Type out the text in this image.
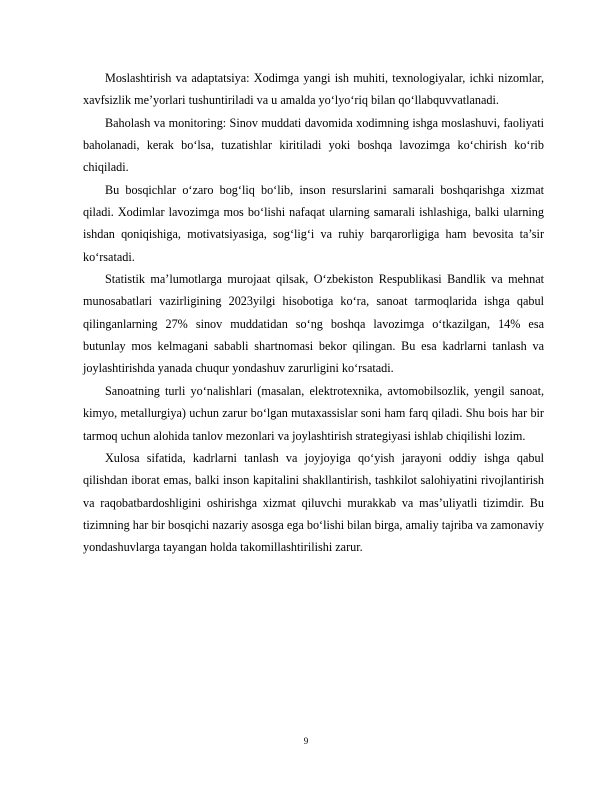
Moslashtirish va adaptatsiya: Xodimga yangi ish muhiti, texnologiyalar, ichki nizomlar, xavfsizlik me’yorlari tushuntiriladi va u amalda yo‘lyo‘riq bilan qo‘llabquvvatlanadi.

Baholash va monitoring: Sinov muddati davomida xodimning ishga moslashuvi, faoliyati baholanadi, kerak bo‘lsa, tuzatishlar kiritiladi yoki boshqa lavozimga ko‘chirish ko‘rib chiqiladi.

Bu bosqichlar o‘zaro bog‘liq bo‘lib, inson resurslarini samarali boshqarishga xizmat qiladi. Xodimlar lavozimga mos bo‘lishi nafaqat ularning samarali ishlashiga, balki ularning ishdan qoniqishiga, motivatsiyasiga, sog‘lig‘i va ruhiy barqarorligiga ham bevosita ta’sir ko‘rsatadi.

Statistik ma’lumotlarga murojaat qilsak, O‘zbekiston Respublikasi Bandlik va mehnat munosabatlari vazirligining 2023yilgi hisobotiga ko‘ra, sanoat tarmoqlarida ishga qabul qilinganlarning 27% sinov muddatidan so‘ng boshqa lavozimga o‘tkazilgan, 14% esa butunlay mos kelmagani sababli shartnomasi bekor qilingan. Bu esa kadrlarni tanlash va joylashtirishda yanada chuqur yondashuv zarurligini ko‘rsatadi.

Sanoatning turli yo‘nalishlari (masalan, elektrotexnika, avtomobilsozlik, yengil sanoat, kimyo, metallurgiya) uchun zarur bo‘lgan mutaxassislar soni ham farq qiladi. Shu bois har bir tarmoq uchun alohida tanlov mezonlari va joylashtirish strategiyasi ishlab chiqilishi lozim.

Xulosa sifatida, kadrlarni tanlash va joyjoyiga qo‘yish jarayoni oddiy ishga qabul qilishdan iborat emas, balki inson kapitalini shakllantirish, tashkilot salohiyatini rivojlantirish va raqobatbardoshligini oshirishga xizmat qiluvchi murakkab va mas’uliyatli tizimdir. Bu tizimning har bir bosqichi nazariy asosga ega bo‘lishi bilan birga, amaliy tajriba va zamonaviy yondashuvlarga tayangan holda takomillashtirilishi zarur.

9
